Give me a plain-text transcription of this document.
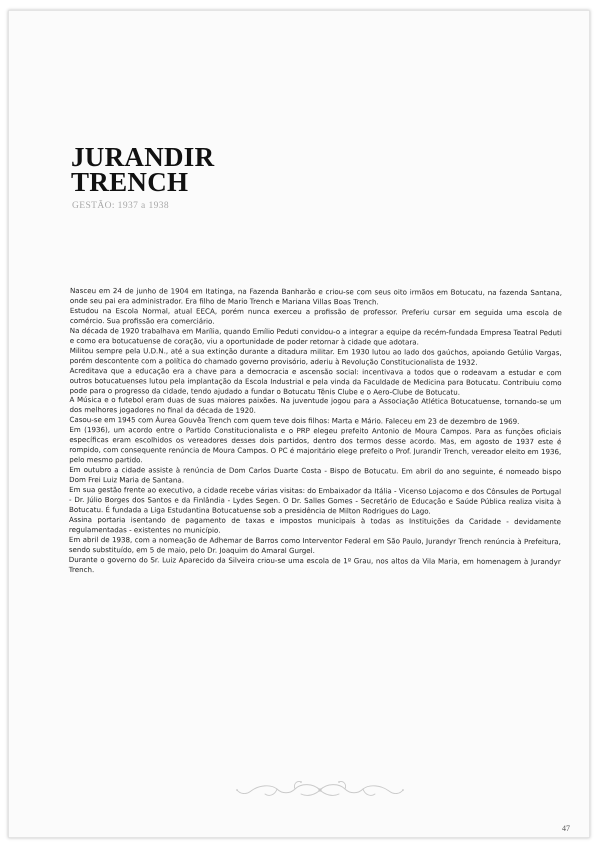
JURANDIR
TRENCH
GESTÃO: 1937 a 1938

Nasceu em 24 de junho de 1904 em Itatinga, na Fazenda Banharão e criou-se com seus oito irmãos em Botucatu, na fazenda Santana, onde seu pai era administrador. Era filho de Mario Trench e Mariana Villas Boas Trench.

Estudou na Escola Normal, atual EECA, porém nunca exerceu a profissão de professor. Preferiu cursar em seguida uma escola de comércio. Sua profissão era comerciário.

Na década de 1920 trabalhava em Marília, quando Emílio Peduti convidou-o a integrar a equipe da recém-fundada Empresa Teatral Peduti e como era botucatuense de coração, viu a oportunidade de poder retornar à cidade que adotara.

Militou sempre pela U.D.N., até a sua extinção durante a ditadura militar. Em 1930 lutou ao lado dos gaúchos, apoiando Getúlio Vargas, porém descontente com a política do chamado governo provisório, aderiu à Revolução Constitucionalista de 1932.

Acreditava que a educação era a chave para a democracia e ascensão social: incentivava a todos que o rodeavam a estudar e com outros botucatuenses lutou pela implantação da Escola Industrial e pela vinda da Faculdade de Medicina para Botucatu. Contribuiu como pode para o progresso da cidade, tendo ajudado a fundar o Botucatu Tênis Clube e o Aero-Clube de Botucatu.

A Música e o futebol eram duas de suas maiores paixões. Na juventude jogou para a Associação Atlética Botucatuense, tornando-se um dos melhores jogadores no final da década de 1920.

Casou-se em 1945 com Áurea Gouvêa Trench com quem teve dois filhos: Marta e Mário. Faleceu em 23 de dezembro de 1969.

Em (1936), um acordo entre o Partido Constitucionalista e o PRP elegeu prefeito Antonio de Moura Campos. Para as funções oficiais específicas eram escolhidos os vereadores desses dois partidos, dentro dos termos desse acordo. Mas, em agosto de 1937 este é rompido, com consequente renúncia de Moura Campos. O PC é majoritário elege prefeito o Prof. Jurandir Trench, vereador eleito em 1936, pelo mesmo partido.

Em outubro a cidade assiste à renúncia de Dom Carlos Duarte Costa - Bispo de Botucatu. Em abril do ano seguinte, é nomeado bispo Dom Frei Luiz Maria de Santana.

Em sua gestão frente ao executivo, a cidade recebe várias visitas: do Embaixador da Itália - Vicenso Lojacomo e dos Cônsules de Portugal - Dr. Júlio Borges dos Santos e da Finlândia - Lydes Segen. O Dr. Salles Gomes - Secretário de Educação e Saúde Pública realiza visita à Botucatu. É fundada a Liga Estudantina Botucatuense sob a presidência de Milton Rodrigues do Lago.

Assina portaria isentando de pagamento de taxas e impostos municipais à todas as Instituições da Caridade - devidamente regulamentadas - existentes no município.

Em abril de 1938, com a nomeação de Adhemar de Barros como Interventor Federal em São Paulo, Jurandyr Trench renúncia à Prefeitura, sendo substituído, em 5 de maio, pelo Dr. Joaquim do Amaral Gurgel.

Durante o governo do Sr. Luiz Aparecido da Silveira criou-se uma escola de 1º Grau, nos altos da Vila Maria, em homenagem à Jurandyr Trench.

47
